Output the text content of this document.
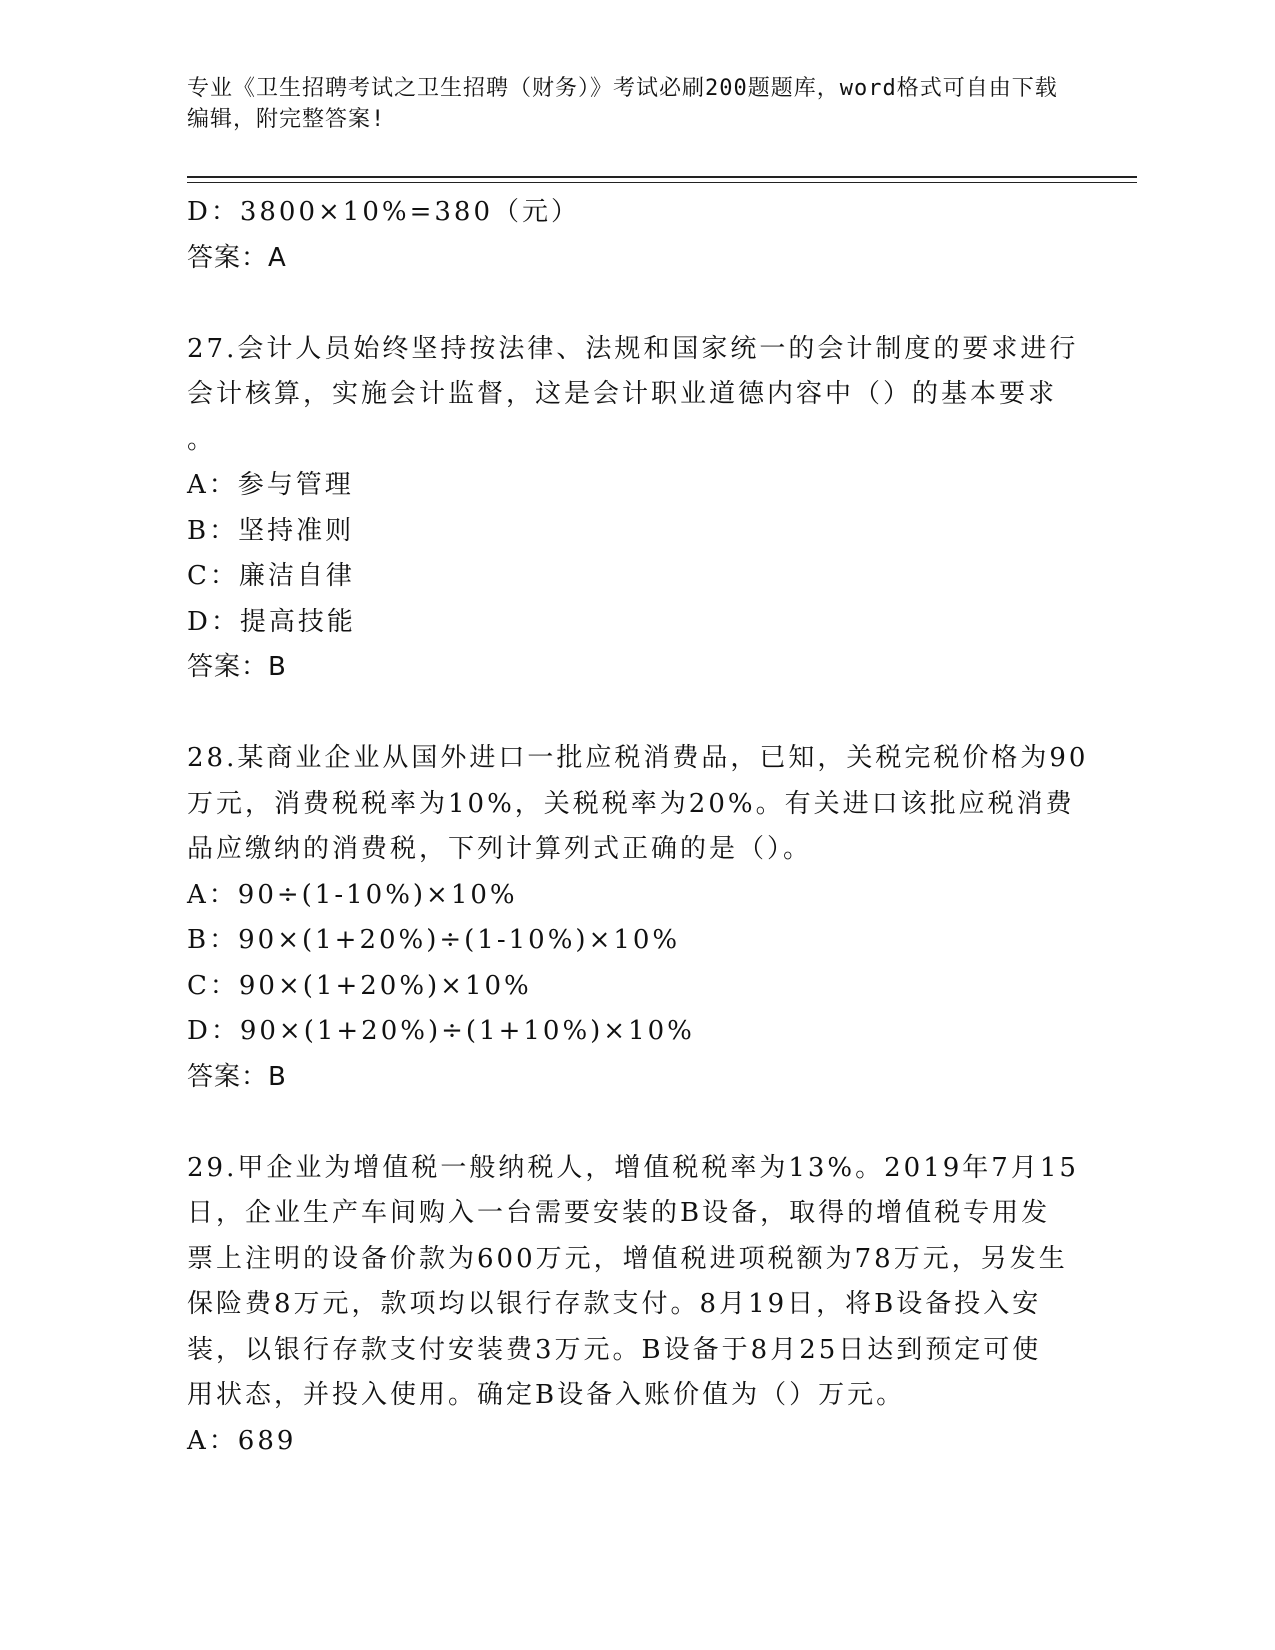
专业《卫生招聘考试之卫生招聘（财务）》考试必刷200题题库，word格式可自由下载编辑，附完整答案!
D：3800×10%=380（元）
答案：A
27.会计人员始终坚持按法律、法规和国家统一的会计制度的要求进行
会计核算，实施会计监督，这是会计职业道德内容中（）的基本要求
。
A：参与管理
B：坚持准则
C：廉洁自律
D：提高技能
答案：B
28.某商业企业从国外进口一批应税消费品，已知，关税完税价格为90
万元，消费税税率为10%，关税税率为20%。有关进口该批应税消费
品应缴纳的消费税，下列计算列式正确的是（）。
A：90÷(1-10%)×10%
B：90×(1+20%)÷(1-10%)×10%
C：90×(1+20%)×10%
D：90×(1+20%)÷(1+10%)×10%
答案：B
29.甲企业为增值税一般纳税人，增值税税率为13%。2019年7月15
日，企业生产车间购入一台需要安装的B设备，取得的增值税专用发
票上注明的设备价款为600万元，增值税进项税额为78万元，另发生
保险费8万元，款项均以银行存款支付。8月19日，将B设备投入安
装，以银行存款支付安装费3万元。B设备于8月25日达到预定可使
用状态，并投入使用。确定B设备入账价值为（）万元。
A：689
